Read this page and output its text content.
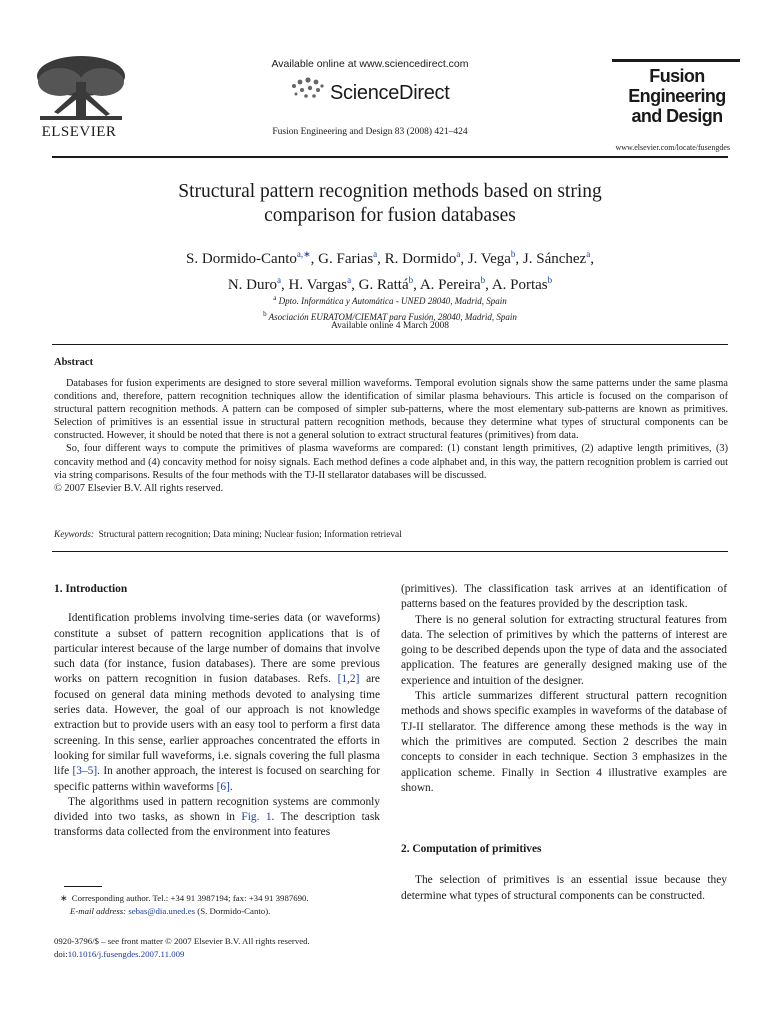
ELSEVIER
Available online at www.sciencedirect.com
ScienceDirect
Fusion Engineering and Design 83 (2008) 421–424
Fusion
Engineering
and Design
www.elsevier.com/locate/fusengdes
Structural pattern recognition methods based on string
comparison for fusion databases
S. Dormido-Canto$^{a,∗}$, G. Farias$^a$, R. Dormido$^a$, J. Vega$^b$, J. Sánchez$^a$,
N. Duro$^a$, H. Vargas$^a$, G. Rattá$^b$, A. Pereira$^b$, A. Portas$^b$
$^a$ Dpto. Informática y Automática - UNED 28040, Madrid, Spain
$^b$ Asociación EURATOM/CIEMAT para Fusión, 28040, Madrid, Spain
Available online 4 March 2008
Abstract

Databases for fusion experiments are designed to store several million waveforms. Temporal evolution signals show the same patterns under the same plasma conditions and, therefore, pattern recognition techniques allow the identification of similar plasma behaviours. This article is focused on the comparison of structural pattern recognition methods. A pattern can be composed of simpler sub-patterns, where the most elementary sub-patterns are known as primitives. Selection of primitives is an essential issue in structural pattern recognition methods, because they determine what types of structural components can be constructed. However, it should be noted that there is not a general solution to extract structural features (primitives) from data.

So, four different ways to compute the primitives of plasma waveforms are compared: (1) constant length primitives, (2) adaptive length primitives, (3) concavity method and (4) concavity method for noisy signals. Each method defines a code alphabet and, in this way, the pattern recognition problem is carried out via string comparisons. Results of the four methods with the TJ-II stellarator databases will be discussed.

© 2007 Elsevier B.V. All rights reserved.

Keywords: Structural pattern recognition; Data mining; Nuclear fusion; Information retrieval
1. Introduction

Identification problems involving time-series data (or waveforms) constitute a subset of pattern recognition applications that is of particular interest because of the large number of domains that involve such data (for instance, fusion databases). There are some previous works on pattern recognition in fusion databases. Refs. [1,2] are focused on general data mining methods devoted to analysing time series data. However, the goal of our approach is not knowledge extraction but to provide users with an easy tool to perform a first data screening. In this sense, earlier approaches concentrated the efforts in looking for similar full waveforms, i.e. signals covering the full plasma life [3–5]. In another approach, the interest is focused on searching for specific patterns within waveforms [6].

The algorithms used in pattern recognition systems are commonly divided into two tasks, as shown in Fig. 1. The description task transforms data collected from the environment into features

∗ Corresponding author. Tel.: +34 91 3987194; fax: +34 91 3987690.
E-mail address: sebas@dia.uned.es (S. Dormido-Canto).
0920-3796/$ – see front matter © 2007 Elsevier B.V. All rights reserved.
doi:10.1016/j.fusengdes.2007.11.009

(primitives). The classification task arrives at an identification of patterns based on the features provided by the description task.

There is no general solution for extracting structural features from data. The selection of primitives by which the patterns of interest are going to be described depends upon the type of data and the associated application. The features are generally designed making use of the experience and intuition of the designer.

This article summarizes different structural pattern recognition methods and shows specific examples in waveforms of the database of TJ-II stellarator. The difference among these methods is the way in which the primitives are computed. Section 2 describes the main concepts to consider in each technique. Section 3 emphasizes in the application scheme. Finally in Section 4 illustrative examples are shown.

2. Computation of primitives

The selection of primitives is an essential issue because they determine what types of structural components can be constructed.
